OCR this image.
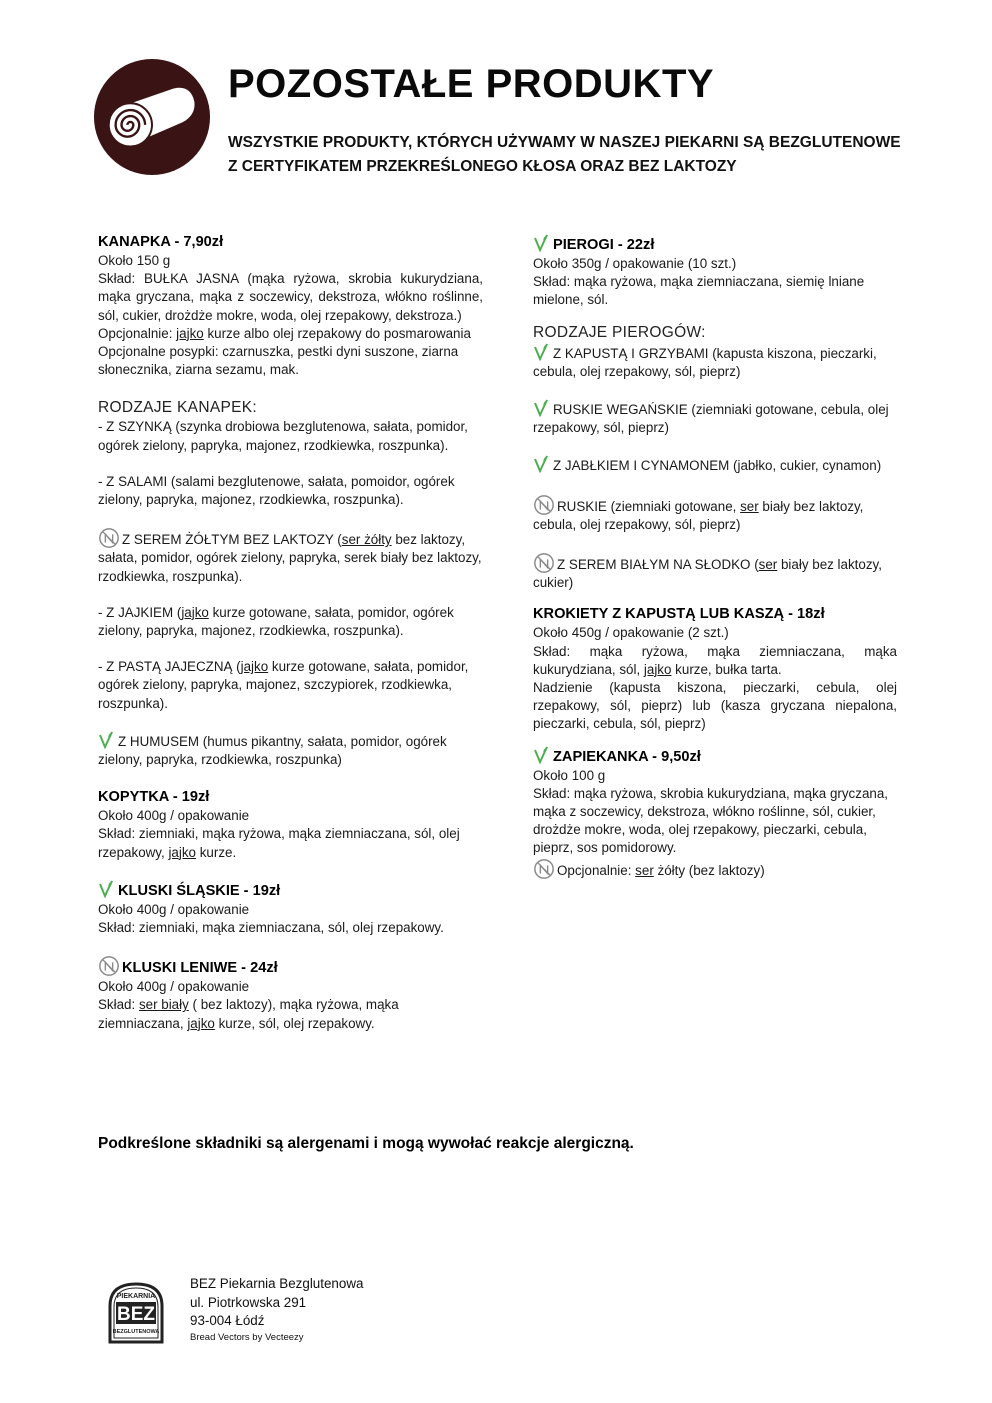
POZOSTAŁE PRODUKTY
WSZYSTKIE PRODUKTY, KTÓRYCH UŻYWAMY W NASZEJ PIEKARNI SĄ BEZGLUTENOWE
Z CERTYFIKATEM PRZEKREŚLONEGO KŁOSA ORAZ BEZ LAKTOZY

KANAPKA - 7,90zł

Około 150 g

Skład: BUŁKA JASNA (mąka ryżowa, skrobia kukurydziana, mąka gryczana, mąka z soczewicy, dekstroza, włókno roślinne, sól, cukier, drożdże mokre, woda, olej rzepakowy, dekstroza.)

Opcjonalnie: jajko kurze albo olej rzepakowy do posmarowania

Opcjonalne posypki: czarnuszka, pestki dyni suszone, ziarna słonecznika, ziarna sezamu, mak.

RODZAJE KANAPEK:

- Z SZYNKĄ (szynka drobiowa bezglutenowa, sałata, pomidor, ogórek zielony, papryka, majonez, rzodkiewka, roszpunka).

- Z SALAMI (salami bezglutenowe, sałata, pomoidor, ogórek zielony, papryka, majonez, rzodkiewka, roszpunka).

Z SEREM ŻÓŁTYM BEZ LAKTOZY (ser żółty bez laktozy, sałata, pomidor, ogórek zielony, papryka, serek biały bez laktozy, rzodkiewka, roszpunka).

- Z JAJKIEM (jajko kurze gotowane, sałata, pomidor, ogórek zielony, papryka, majonez, rzodkiewka, roszpunka).

- Z PASTĄ JAJECZNĄ (jajko kurze gotowane, sałata, pomidor, ogórek zielony, papryka, majonez, szczypiorek, rzodkiewka, roszpunka).

Z HUMUSEM (humus pikantny, sałata, pomidor, ogórek zielony, papryka, rzodkiewka, roszpunka)

KOPYTKA - 19zł

Około 400g / opakowanie

Skład: ziemniaki, mąka ryżowa, mąka ziemniaczana, sól, olej rzepakowy, jajko kurze.

KLUSKI ŚLĄSKIE - 19zł

Około 400g / opakowanie

Skład: ziemniaki, mąka ziemniaczana, sól, olej rzepakowy.

KLUSKI LENIWE - 24zł

Około 400g / opakowanie

Skład: ser biały ( bez laktozy), mąka ryżowa, mąka ziemniaczana, jajko kurze, sól, olej rzepakowy.

PIEROGI - 22zł

Około 350g / opakowanie (10 szt.)

Skład: mąka ryżowa, mąka ziemniaczana, siemię lniane mielone, sól.

RODZAJE PIEROGÓW:

Z KAPUSTĄ I GRZYBAMI (kapusta kiszona, pieczarki, cebula, olej rzepakowy, sól, pieprz)

RUSKIE WEGAŃSKIE (ziemniaki gotowane, cebula, olej rzepakowy, sól, pieprz)

Z JABŁKIEM I CYNAMONEM (jabłko, cukier, cynamon)

RUSKIE (ziemniaki gotowane, ser biały bez laktozy, cebula, olej rzepakowy, sól, pieprz)

Z SEREM BIAŁYM NA SŁODKO (ser biały bez laktozy, cukier)

KROKIETY Z KAPUSTĄ LUB KASZĄ - 18zł

Około 450g / opakowanie (2 szt.)

Skład: mąka ryżowa, mąka ziemniaczana, mąka kukurydziana, sól, jajko kurze, bułka tarta.

Nadzienie (kapusta kiszona, pieczarki, cebula, olej rzepakowy, sól, pieprz) lub (kasza gryczana niepalona, pieczarki, cebula, sól, pieprz)

ZAPIEKANKA - 9,50zł

Około 100 g

Skład: mąka ryżowa, skrobia kukurydziana, mąka gryczana, mąka z soczewicy, dekstroza, włókno roślinne, sól, cukier, drożdże mokre, woda, olej rzepakowy, pieczarki, cebula, pieprz, sos pomidorowy.

Opcjonalnie: ser żółty (bez laktozy)

Podkreślone składniki są alergenami i mogą wywołać reakcje alergiczną.
PIEKARNIA
BEZ
BEZGLUTENOWA
BEZ Piekarnia Bezglutenowa
ul. Piotrkowska 291
93-004 Łódź
Bread Vectors by Vecteezy
